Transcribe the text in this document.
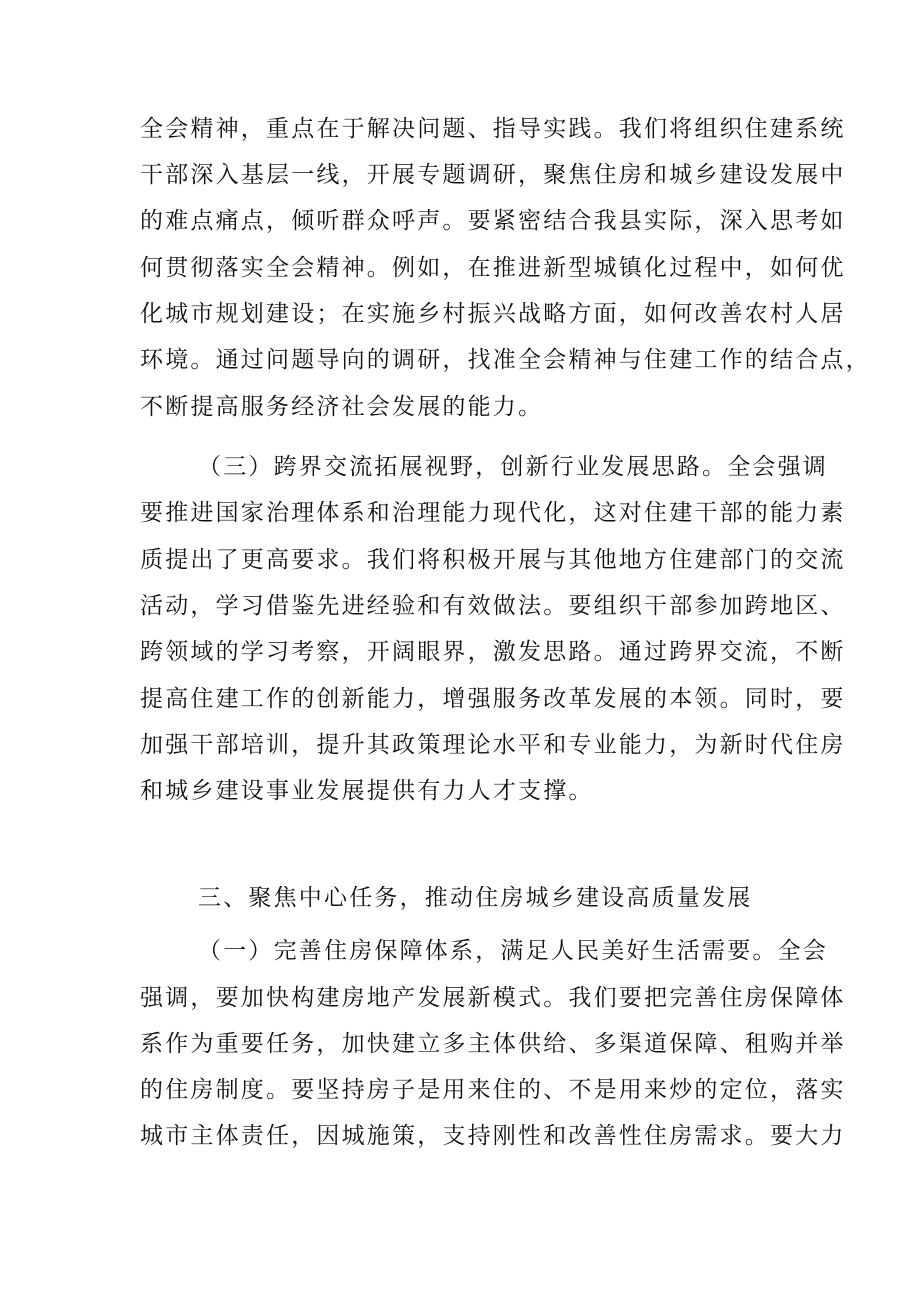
全会精神，重点在于解决问题、指导实践。我们将组织住建系统
干部深入基层一线，开展专题调研，聚焦住房和城乡建设发展中
的难点痛点，倾听群众呼声。要紧密结合我县实际，深入思考如
何贯彻落实全会精神。例如，在推进新型城镇化过程中，如何优
化城市规划建设；在实施乡村振兴战略方面，如何改善农村人居
环境。通过问题导向的调研，找准全会精神与住建工作的结合点，
不断提高服务经济社会发展的能力。
（三）跨界交流拓展视野，创新行业发展思路。全会强调
要推进国家治理体系和治理能力现代化，这对住建干部的能力素
质提出了更高要求。我们将积极开展与其他地方住建部门的交流
活动，学习借鉴先进经验和有效做法。要组织干部参加跨地区、
跨领域的学习考察，开阔眼界，激发思路。通过跨界交流，不断
提高住建工作的创新能力，增强服务改革发展的本领。同时，要
加强干部培训，提升其政策理论水平和专业能力，为新时代住房
和城乡建设事业发展提供有力人才支撑。
三、聚焦中心任务，推动住房城乡建设高质量发展
（一）完善住房保障体系，满足人民美好生活需要。全会
强调，要加快构建房地产发展新模式。我们要把完善住房保障体
系作为重要任务，加快建立多主体供给、多渠道保障、租购并举
的住房制度。要坚持房子是用来住的、不是用来炒的定位，落实
城市主体责任，因城施策，支持刚性和改善性住房需求。要大力
